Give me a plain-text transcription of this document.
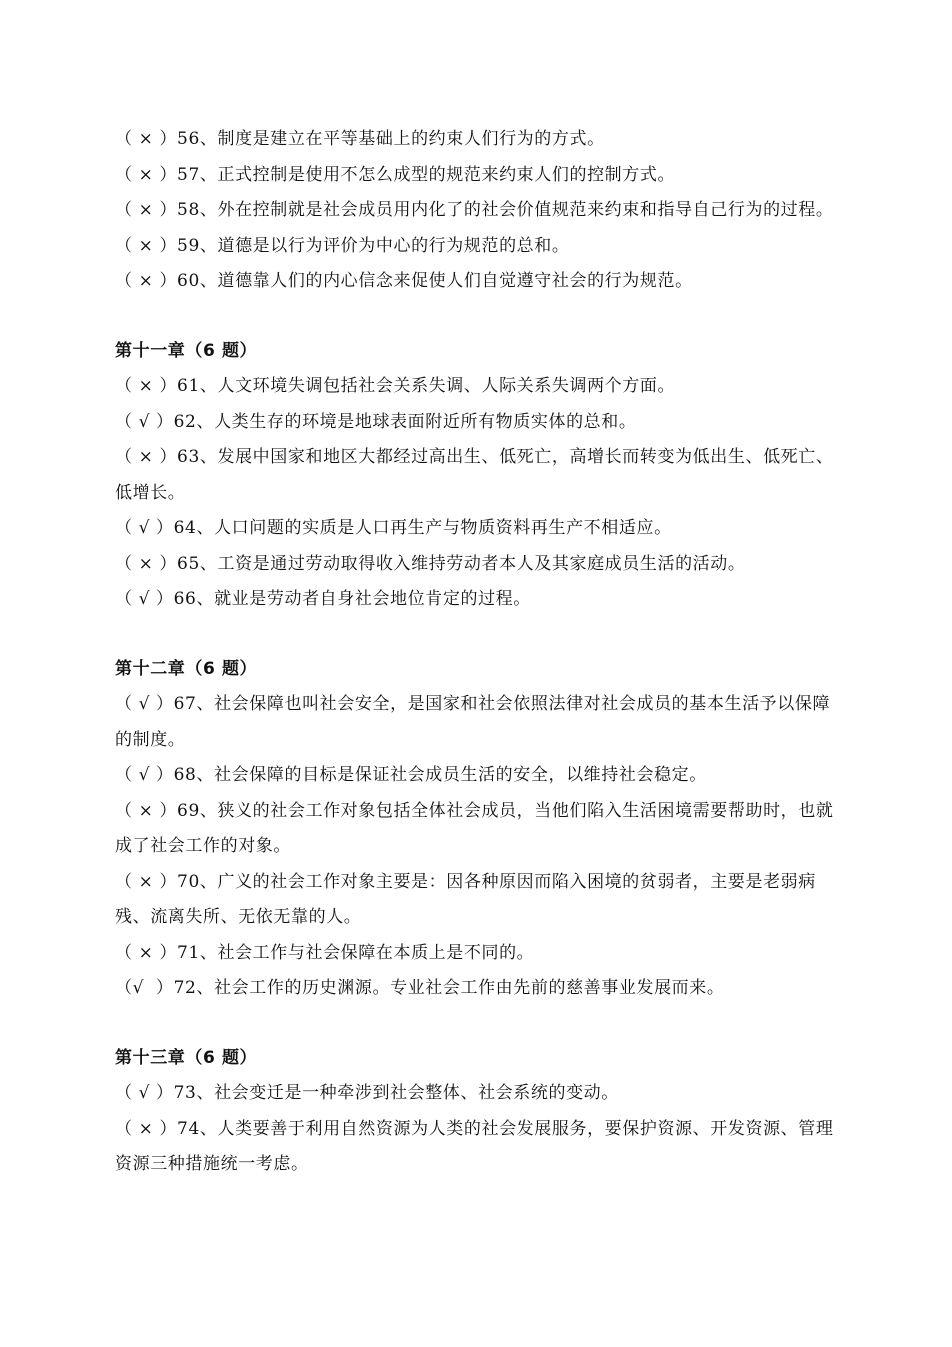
（ × ）56、制度是建立在平等基础上的约束人们行为的方式。
（ × ）57、正式控制是使用不怎么成型的规范来约束人们的控制方式。
（ × ）58、外在控制就是社会成员用内化了的社会价值规范来约束和指导自己行为的过程。
（ × ）59、道德是以行为评价为中心的行为规范的总和。
（ × ）60、道德靠人们的内心信念来促使人们自觉遵守社会的行为规范。
第十一章（6 题）
（ × ）61、人文环境失调包括社会关系失调、人际关系失调两个方面。
（ √ ）62、人类生存的环境是地球表面附近所有物质实体的总和。
（ × ）63、发展中国家和地区大都经过高出生、低死亡，高增长而转变为低出生、低死亡、低增长。
（ √ ）64、人口问题的实质是人口再生产与物质资料再生产不相适应。
（ × ）65、工资是通过劳动取得收入维持劳动者本人及其家庭成员生活的活动。
（ √ ）66、就业是劳动者自身社会地位肯定的过程。
第十二章（6 题）
（ √ ）67、社会保障也叫社会安全，是国家和社会依照法律对社会成员的基本生活予以保障的制度。
（ √ ）68、社会保障的目标是保证社会成员生活的安全，以维持社会稳定。
（ × ）69、狭义的社会工作对象包括全体社会成员，当他们陷入生活困境需要帮助时，也就成了社会工作的对象。
（ × ）70、广义的社会工作对象主要是：因各种原因而陷入困境的贫弱者，主要是老弱病残、流离失所、无依无靠的人。
（ × ）71、社会工作与社会保障在本质上是不同的。
（√  ）72、社会工作的历史渊源。专业社会工作由先前的慈善事业发展而来。
第十三章（6 题）
（ √ ）73、社会变迁是一种牵涉到社会整体、社会系统的变动。
（ × ）74、人类要善于利用自然资源为人类的社会发展服务，要保护资源、开发资源、管理资源三种措施统一考虑。
